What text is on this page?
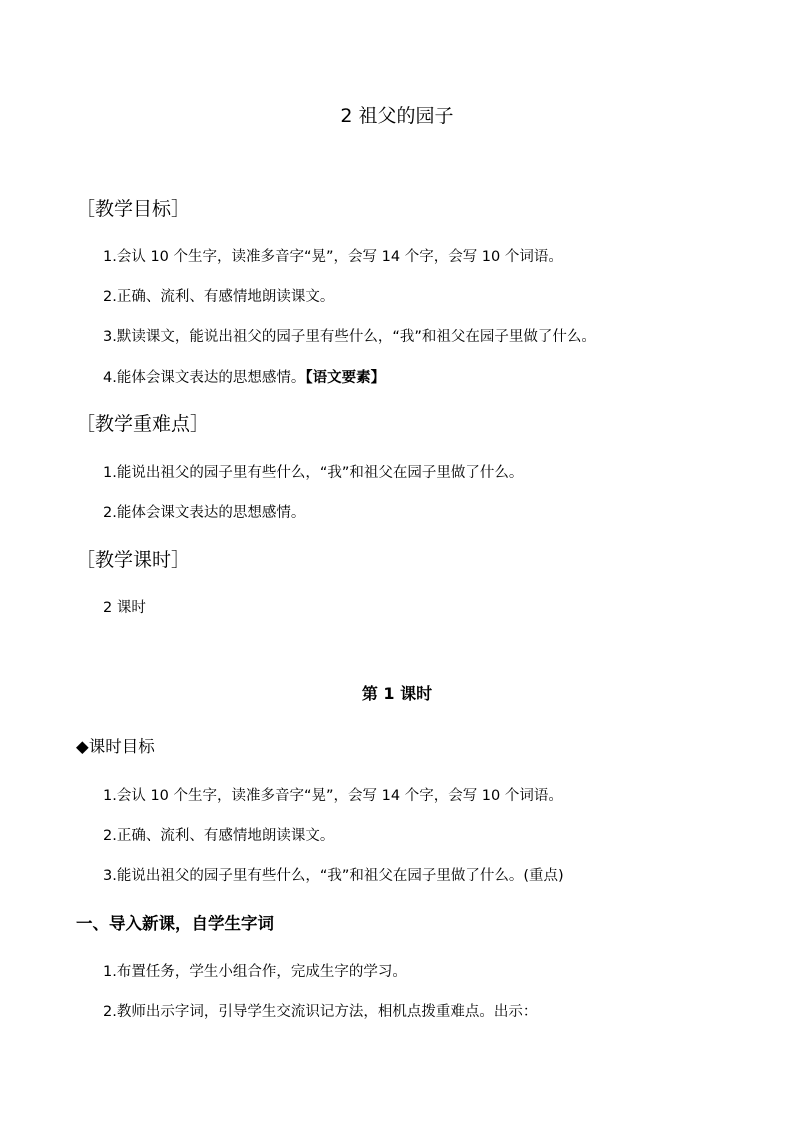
2 祖父的园子
［教学目标］
1.会认 10 个生字，读准多音字“晃”，会写 14 个字，会写 10 个词语。
2.正确、流利、有感情地朗读课文。
3.默读课文，能说出祖父的园子里有些什么，“我”和祖父在园子里做了什么。
4.能体会课文表达的思想感情。【语文要素】
［教学重难点］
1.能说出祖父的园子里有些什么，“我”和祖父在园子里做了什么。
2.能体会课文表达的思想感情。
［教学课时］
2 课时
第 1 课时
◆课时目标
1.会认 10 个生字，读准多音字“晃”，会写 14 个字，会写 10 个词语。
2.正确、流利、有感情地朗读课文。
3.能说出祖父的园子里有些什么，“我”和祖父在园子里做了什么。(重点)
一、导入新课，自学生字词
1.布置任务，学生小组合作，完成生字的学习。
2.教师出示字词，引导学生交流识记方法，相机点拨重难点。出示：
